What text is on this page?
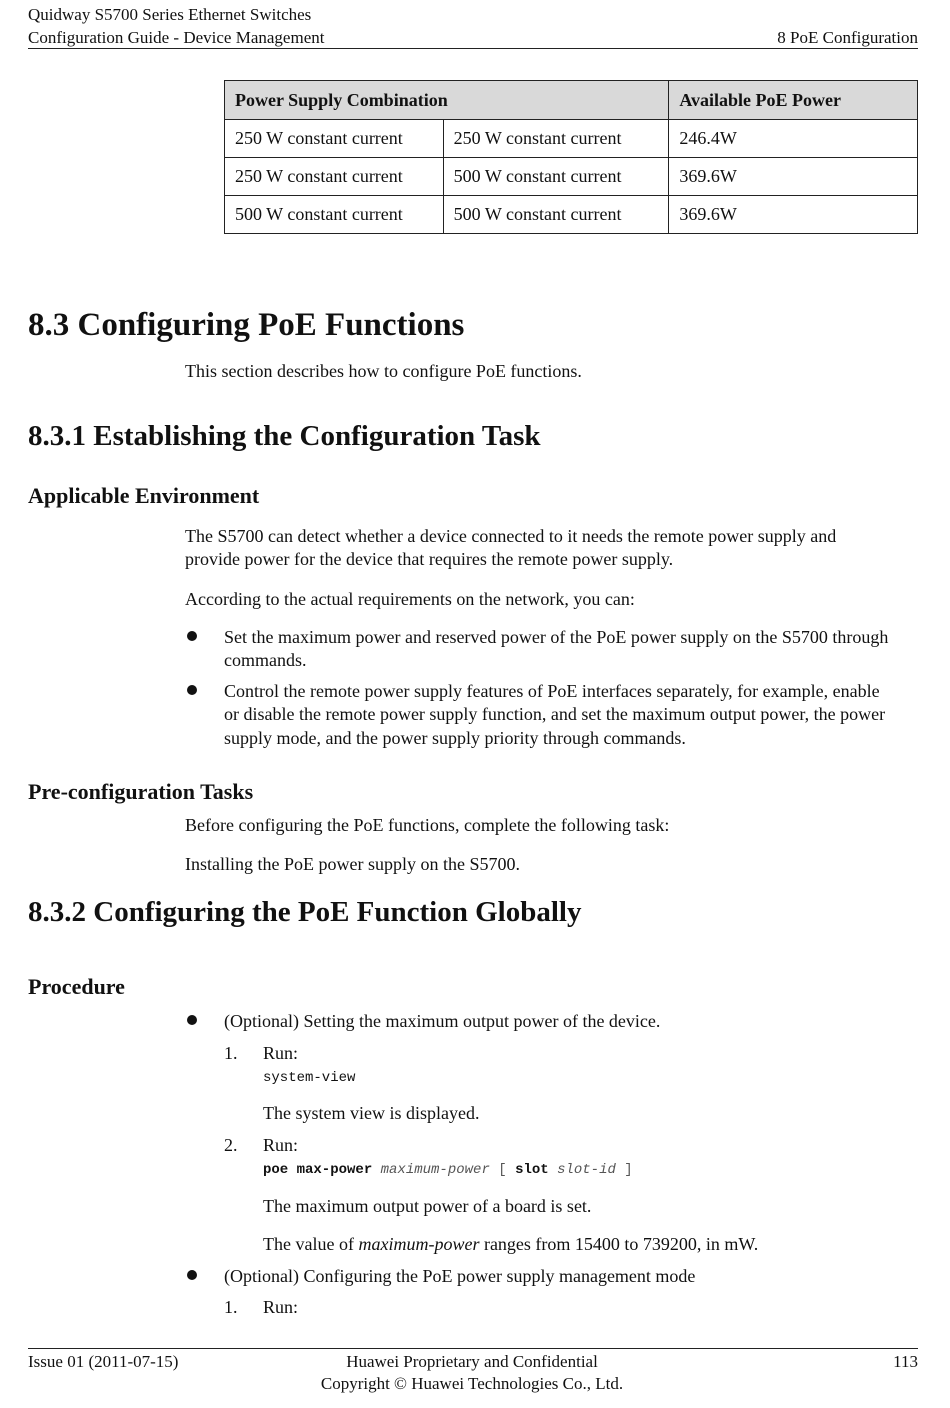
Quidway S5700 Series Ethernet Switches
Configuration Guide - Device Management	8 PoE Configuration
Power Supply Combination		Available PoE Power
250 W constant current	250 W constant current	246.4W
250 W constant current	500 W constant current	369.6W
500 W constant current	500 W constant current	369.6W
8.3 Configuring PoE Functions
This section describes how to configure PoE functions.
8.3.1 Establishing the Configuration Task
Applicable Environment
The S5700 can detect whether a device connected to it needs the remote power supply and
provide power for the device that requires the remote power supply.
According to the actual requirements on the network, you can:
Set the maximum power and reserved power of the PoE power supply on the S5700 through
commands.
Control the remote power supply features of PoE interfaces separately, for example, enable
or disable the remote power supply function, and set the maximum output power, the power
supply mode, and the power supply priority through commands.
Pre-configuration Tasks
Before configuring the PoE functions, complete the following task:
Installing the PoE power supply on the S5700.
8.3.2 Configuring the PoE Function Globally
Procedure
(Optional) Setting the maximum output power of the device.
1. Run:
system-view
The system view is displayed.
2. Run:
poe max-power maximum-power [ slot slot-id ]
The maximum output power of a board is set.
The value of maximum-power ranges from 15400 to 739200, in mW.
(Optional) Configuring the PoE power supply management mode
1. Run:
Issue 01 (2011-07-15)	Huawei Proprietary and Confidential
Copyright © Huawei Technologies Co., Ltd.
113
